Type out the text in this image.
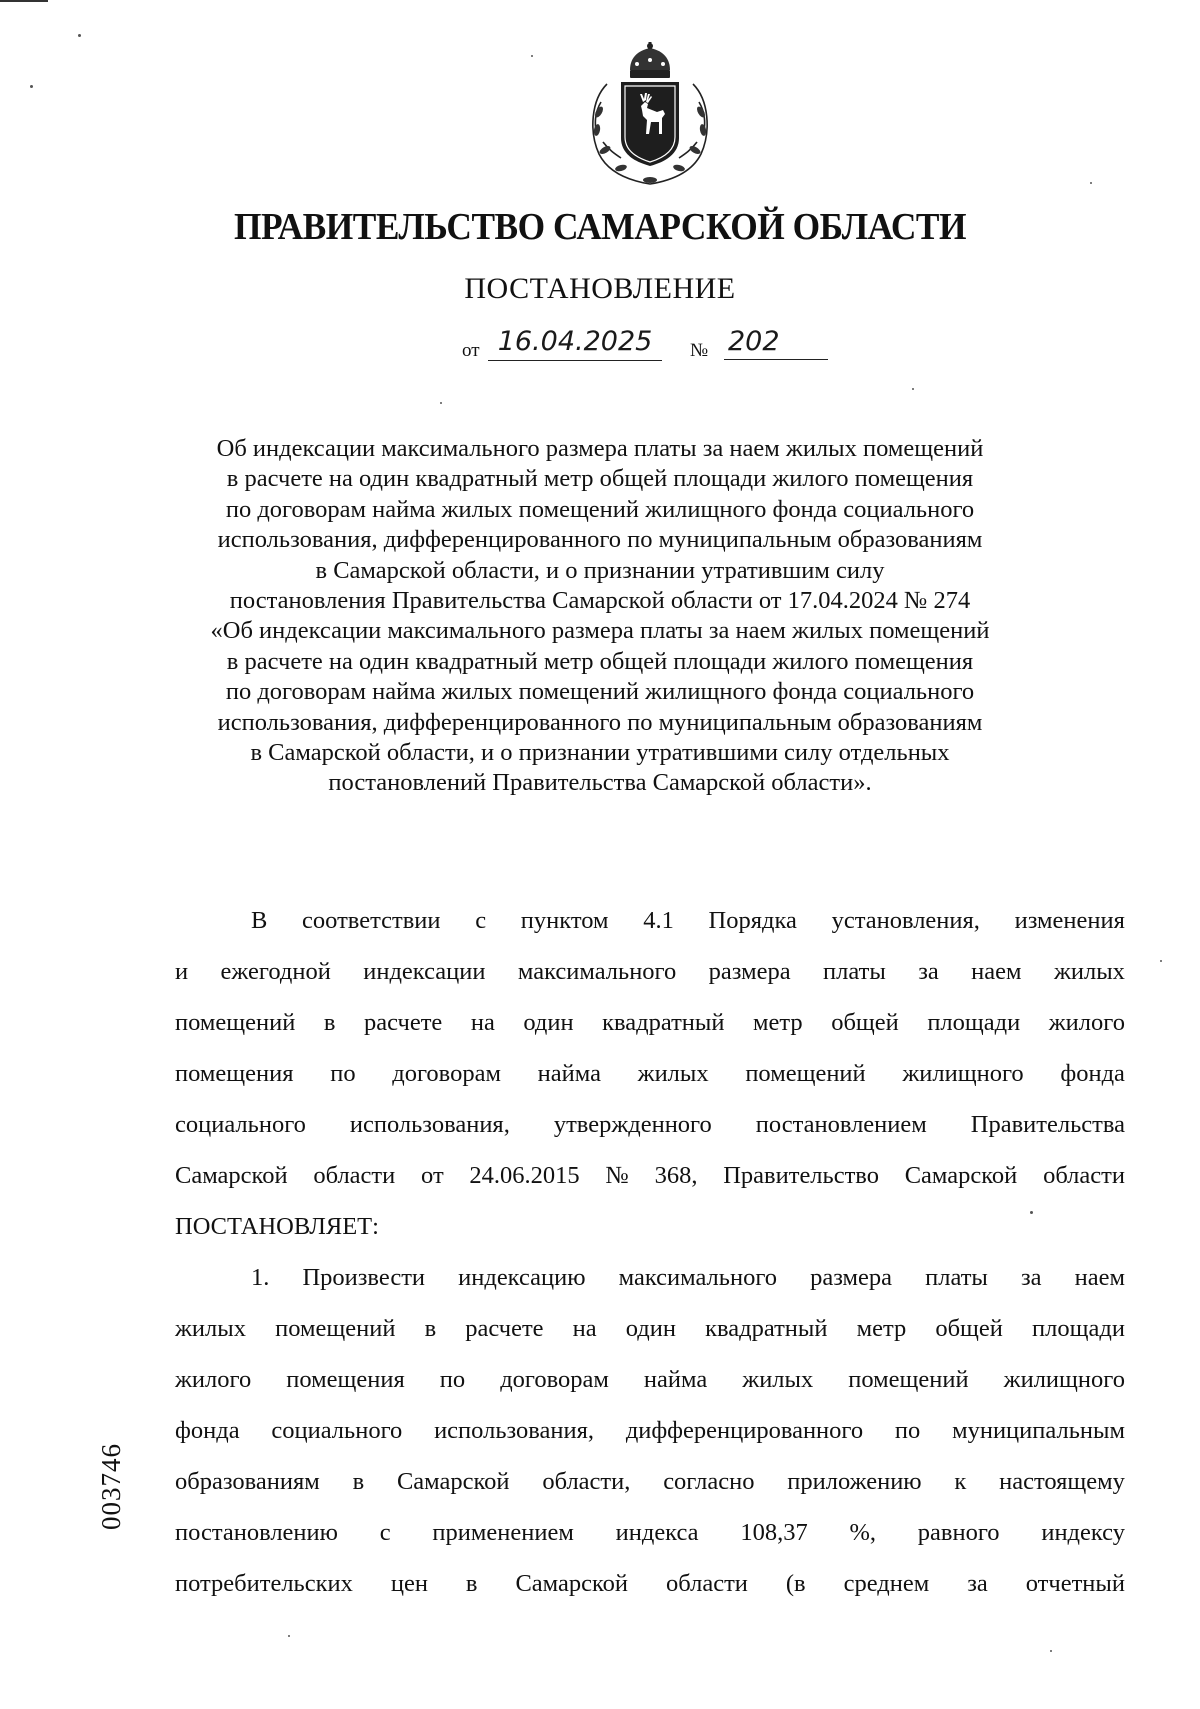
ПРАВИТЕЛЬСТВО САМАРСКОЙ ОБЛАСТИ
ПОСТАНОВЛЕНИЕ
от 16.04.2025	№ 202
Об индексации максимального размера платы за наем жилых помещений
в расчете на один квадратный метр общей площади жилого помещения
по договорам найма жилых помещений жилищного фонда социального
использования, дифференцированного по муниципальным образованиям
в Самарской области, и о признании утратившим силу
постановления Правительства Самарской области от 17.04.2024 № 274
«Об индексации максимального размера платы за наем жилых помещений
в расчете на один квадратный метр общей площади жилого помещения
по договорам найма жилых помещений жилищного фонда социального
использования, дифференцированного по муниципальным образованиям
в Самарской области, и о признании утратившими силу отдельных
постановлений Правительства Самарской области».
В соответствии с пунктом 4.1 Порядка установления, изменения
и ежегодной индексации максимального размера платы за наем жилых
помещений в расчете на один квадратный метр общей площади жилого
помещения по договорам найма жилых помещений жилищного фонда
социального использования, утвержденного постановлением Правительства
Самарской области от 24.06.2015 № 368, Правительство Самарской области
ПОСТАНОВЛЯЕТ:
1. Произвести индексацию максимального размера платы за наем
жилых помещений в расчете на один квадратный метр общей площади
жилого помещения по договорам найма жилых помещений жилищного
фонда социального использования, дифференцированного по муниципальным
образованиям в Самарской области, согласно приложению к настоящему
постановлению с применением индекса 108,37 %, равного индексу
потребительских цен в Самарской области (в среднем за отчетный
003746
